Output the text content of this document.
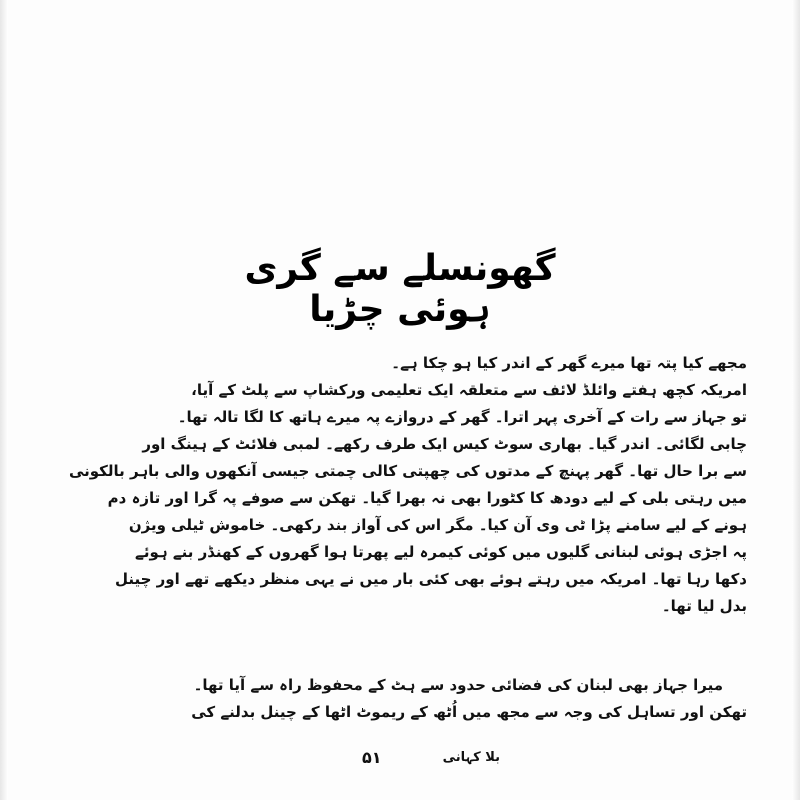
گھونسلے سے گری ہوئی چڑیا
مجھے کیا پتہ تھا میرے گھر کے اندر کیا ہو چکا ہے۔
امریکہ کچھ ہفتے وائلڈ لائف سے متعلقہ ایک تعلیمی ورکشاپ سے پلٹ کے آیا،
تو جہاز سے رات کے آخری پہر اترا۔ گھر کے دروازے پہ میرے ہاتھ کا لگا تالہ تھا۔
چابی لگائی۔ اندر گیا۔ بھاری سوٹ کیس ایک طرف رکھے۔ لمبی فلائٹ کے ہینگ اور
سے برا حال تھا۔ گھر پہنچ کے مدتوں کی چھپتی کالی چمتی جیسی آنکھوں والی باہر بالکونی
میں رہتی بلی کے لیے دودھ کا کٹورا بھی نہ بھرا گیا۔ تھکن سے صوفے پہ گرا اور تازہ دم
ہونے کے لیے سامنے پڑا ٹی وی آن کیا۔ مگر اس کی آواز بند رکھی۔ خاموش ٹیلی ویژن
پہ اجڑی ہوئی لبنانی گلیوں میں کوئی کیمرہ لیے پھرتا ہوا گھروں کے کھنڈر بنے ہوئے
دکھا رہا تھا۔ امریکہ میں رہتے ہوئے بھی کئی بار میں نے یہی منظر دیکھے تھے اور چینل
بدل لیا تھا۔
میرا جہاز بھی لبنان کی فضائی حدود سے ہٹ کے محفوظ راہ سے آیا تھا۔
تھکن اور تساہل کی وجہ سے مجھ میں اُٹھ کے ریموٹ اٹھا کے چینل بدلنے کی
بلا کہانی
۵۱
